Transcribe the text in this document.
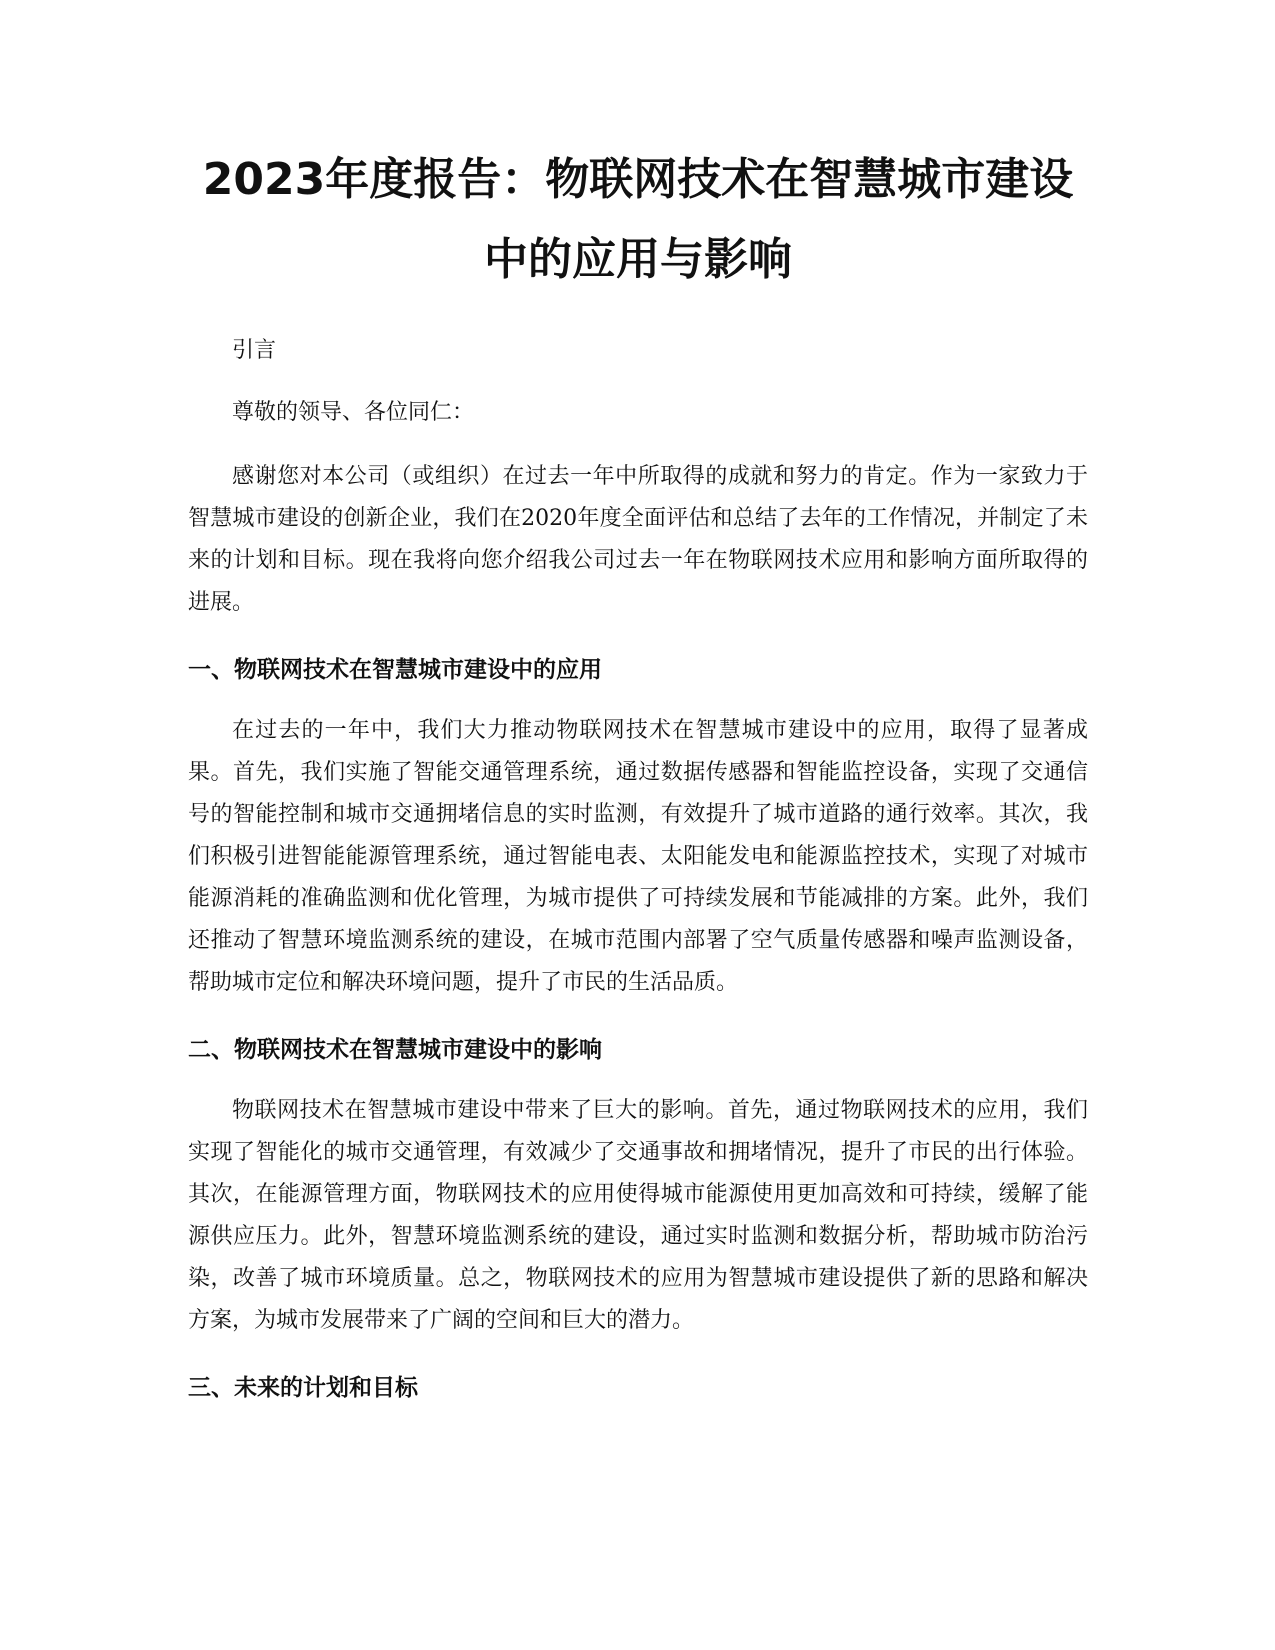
2023年度报告：物联网技术在智慧城市建设
中的应用与影响

引言

尊敬的领导、各位同仁：

感谢您对本公司（或组织）在过去一年中所取得的成就和努力的肯定。作为一家致力于智慧城市建设的创新企业，我们在2020年度全面评估和总结了去年的工作情况，并制定了未来的计划和目标。现在我将向您介绍我公司过去一年在物联网技术应用和影响方面所取得的进展。

一、物联网技术在智慧城市建设中的应用

在过去的一年中，我们大力推动物联网技术在智慧城市建设中的应用，取得了显著成果。首先，我们实施了智能交通管理系统，通过数据传感器和智能监控设备，实现了交通信号的智能控制和城市交通拥堵信息的实时监测，有效提升了城市道路的通行效率。其次，我们积极引进智能能源管理系统，通过智能电表、太阳能发电和能源监控技术，实现了对城市能源消耗的准确监测和优化管理，为城市提供了可持续发展和节能减排的方案。此外，我们还推动了智慧环境监测系统的建设，在城市范围内部署了空气质量传感器和噪声监测设备，帮助城市定位和解决环境问题，提升了市民的生活品质。

二、物联网技术在智慧城市建设中的影响

物联网技术在智慧城市建设中带来了巨大的影响。首先，通过物联网技术的应用，我们实现了智能化的城市交通管理，有效减少了交通事故和拥堵情况，提升了市民的出行体验。其次，在能源管理方面，物联网技术的应用使得城市能源使用更加高效和可持续，缓解了能源供应压力。此外，智慧环境监测系统的建设，通过实时监测和数据分析，帮助城市防治污染，改善了城市环境质量。总之，物联网技术的应用为智慧城市建设提供了新的思路和解决方案，为城市发展带来了广阔的空间和巨大的潜力。

三、未来的计划和目标
